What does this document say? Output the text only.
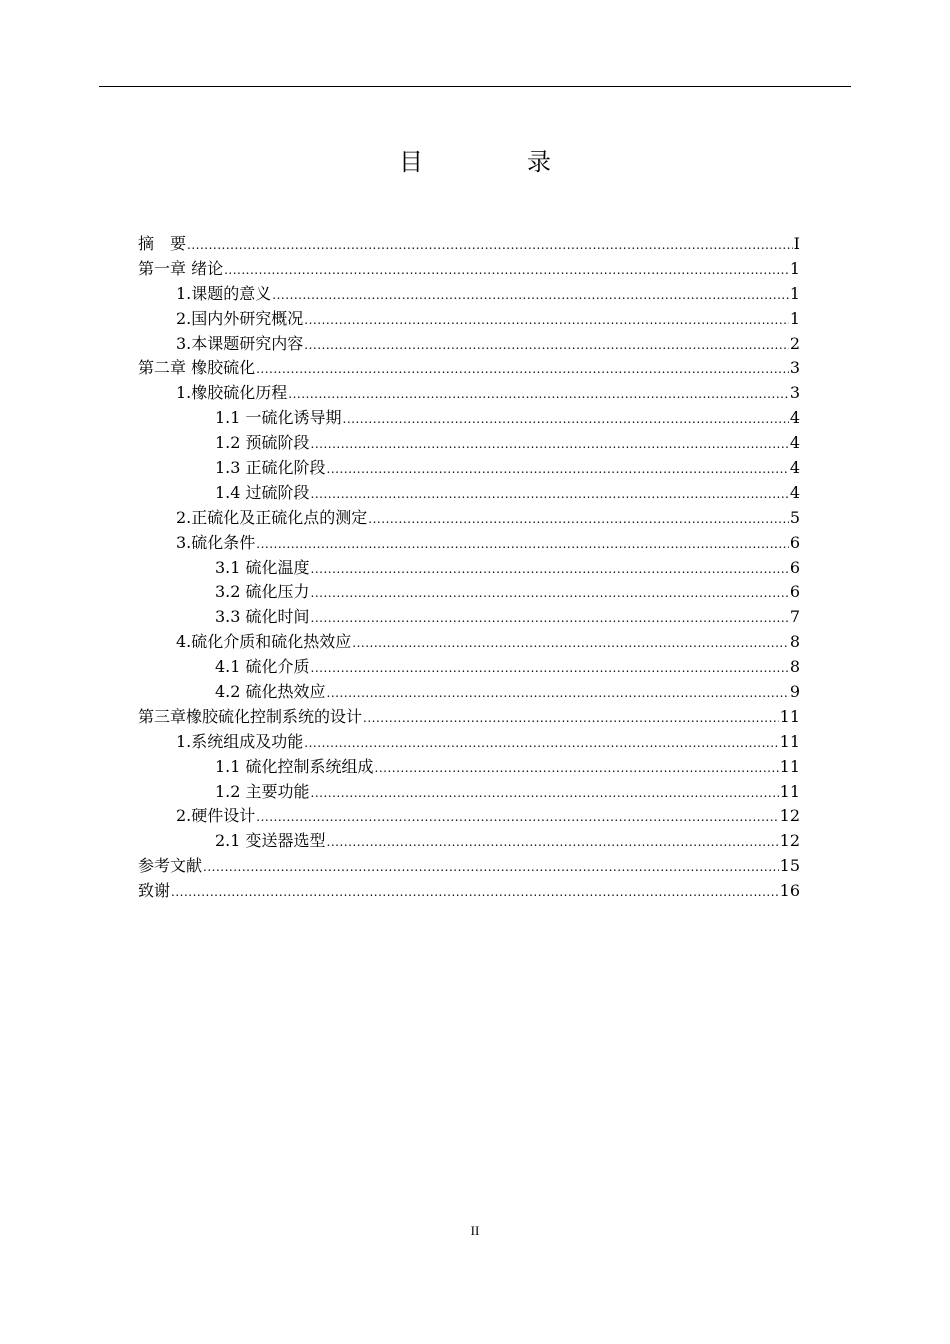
目　录
摘　要 .....	I
第一章 绪论 .....	1
1.课题的意义 .....	1
2.国内外研究概况 .....	1
3.本课题研究内容 .....	2
第二章 橡胶硫化 .....	3
1.橡胶硫化历程 .....	3
1.1 一硫化诱导期 .....	4
1.2 预硫阶段 .....	4
1.3 正硫化阶段 .....	4
1.4 过硫阶段 .....	4
2.正硫化及正硫化点的测定 .....	5
3.硫化条件 .....	6
3.1 硫化温度 .....	6
3.2 硫化压力 .....	6
3.3 硫化时间 .....	7
4.硫化介质和硫化热效应 .....	8
4.1 硫化介质 .....	8
4.2 硫化热效应 .....	9
第三章橡胶硫化控制系统的设计 .....	11
1.系统组成及功能 .....	11
1.1 硫化控制系统组成 .....	11
1.2 主要功能 .....	11
2.硬件设计 .....	12
2.1 变送器选型 .....	12
参考文献 .....	15
致谢 .....	16
II
